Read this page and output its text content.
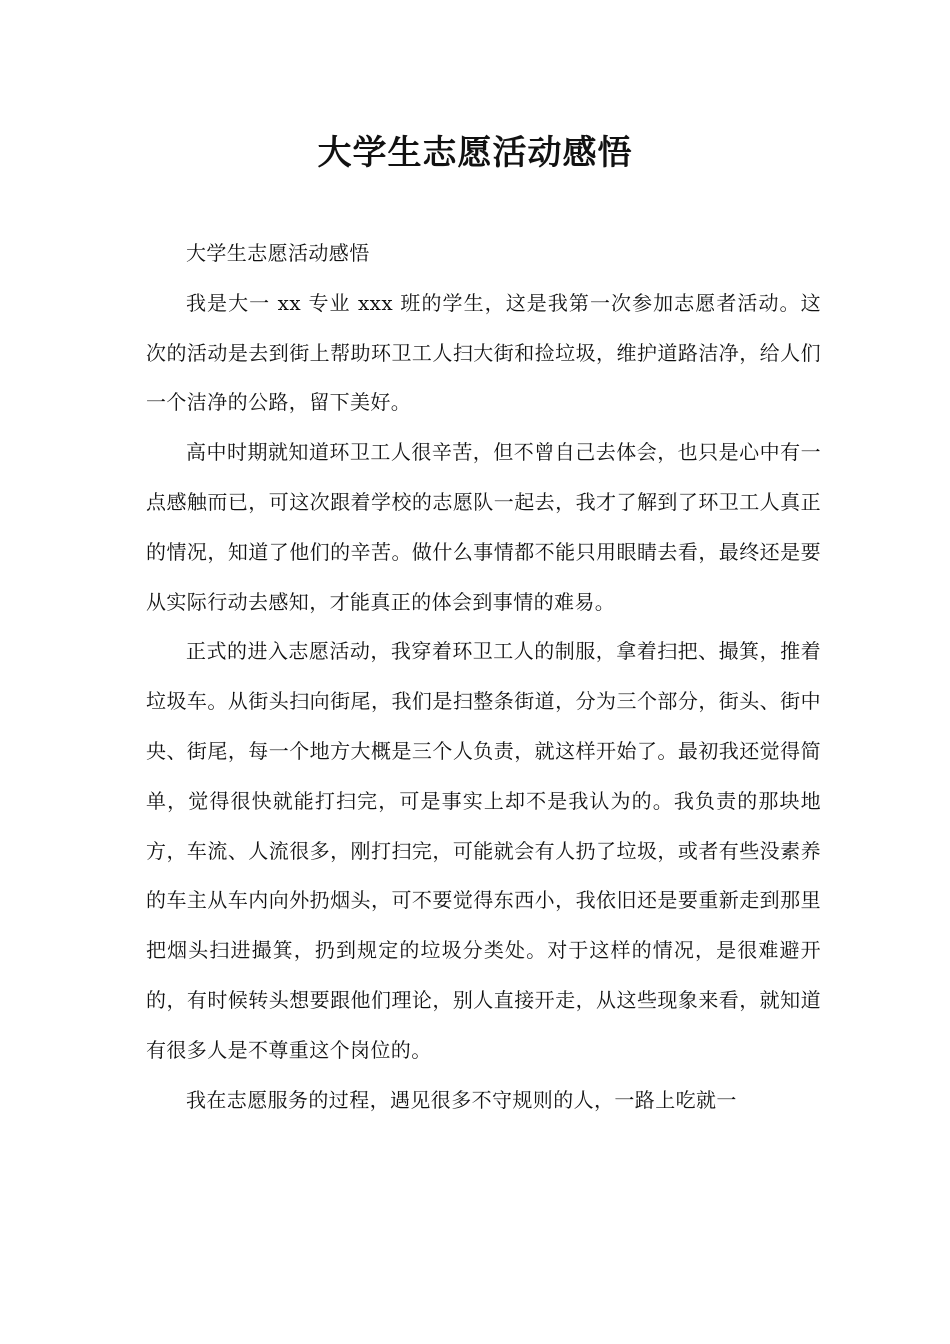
大学生志愿活动感悟

大学生志愿活动感悟

我是大一 xx 专业 xxx 班的学生，这是我第一次参加志愿者活动。这次的活动是去到街上帮助环卫工人扫大街和捡垃圾，维护道路洁净，给人们一个洁净的公路，留下美好。

高中时期就知道环卫工人很辛苦，但不曾自己去体会，也只是心中有一点感触而已，可这次跟着学校的志愿队一起去，我才了解到了环卫工人真正的情况，知道了他们的辛苦。做什么事情都不能只用眼睛去看，最终还是要从实际行动去感知，才能真正的体会到事情的难易。

正式的进入志愿活动，我穿着环卫工人的制服，拿着扫把、撮箕，推着垃圾车。从街头扫向街尾，我们是扫整条街道，分为三个部分，街头、街中央、街尾，每一个地方大概是三个人负责，就这样开始了。最初我还觉得简单，觉得很快就能打扫完，可是事实上却不是我认为的。我负责的那块地方，车流、人流很多，刚打扫完，可能就会有人扔了垃圾，或者有些没素养的车主从车内向外扔烟头，可不要觉得东西小，我依旧还是要重新走到那里把烟头扫进撮箕，扔到规定的垃圾分类处。对于这样的情况，是很难避开的，有时候转头想要跟他们理论，别人直接开走，从这些现象来看，就知道有很多人是不尊重这个岗位的。

我在志愿服务的过程，遇见很多不守规则的人，一路上吃就一
